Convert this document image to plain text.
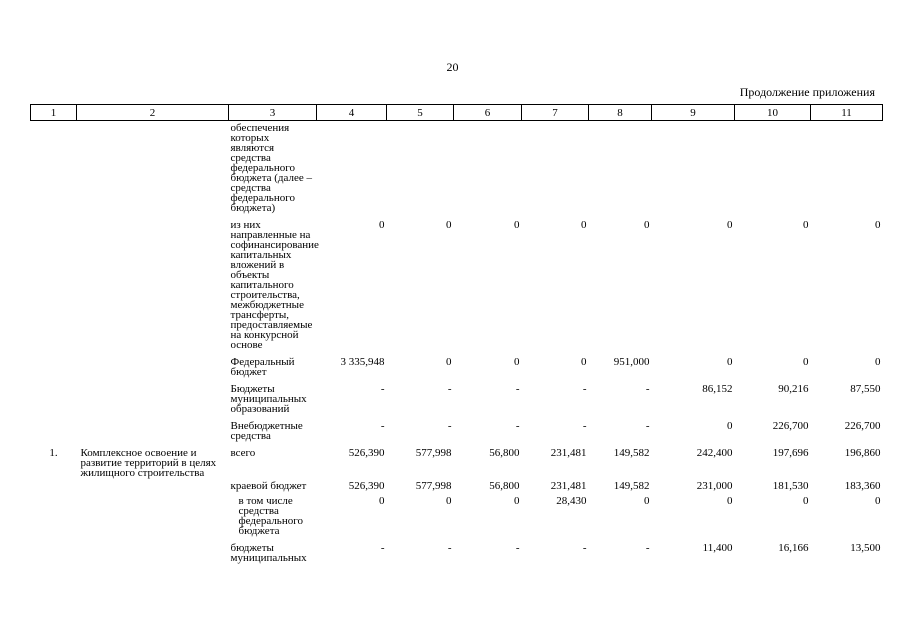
20
Продолжение приложения
1	2	3	4	5	6	7	8	9	10	11
		обеспечения которых являются средства федерального бюджета (далее – средства федерального бюджета)								
		из них направленные на софинансирование капитальных вложений в объекты капитального строительства, межбюджетные трансферты, предоставляемые на конкурсной основе	0	0	0	0	0	0	0	0
		Федеральный бюджет	3 335,948	0	0	0	951,000	0	0	0
		Бюджеты муниципальных образований	-	-	-	-	-	86,152	90,216	87,550
		Внебюджетные средства	-	-	-	-	-	0	226,700	226,700
1.	Комплексное освоение и развитие территорий в целях жилищного строительства	всего	526,390	577,998	56,800	231,481	149,582	242,400	197,696	196,860
		краевой бюджет	526,390	577,998	56,800	231,481	149,582	231,000	181,530	183,360
		в том числе средства федерального бюджета	0	0	0	28,430	0	0	0	0
		бюджеты муниципальных	-	-	-	-	-	11,400	16,166	13,500
